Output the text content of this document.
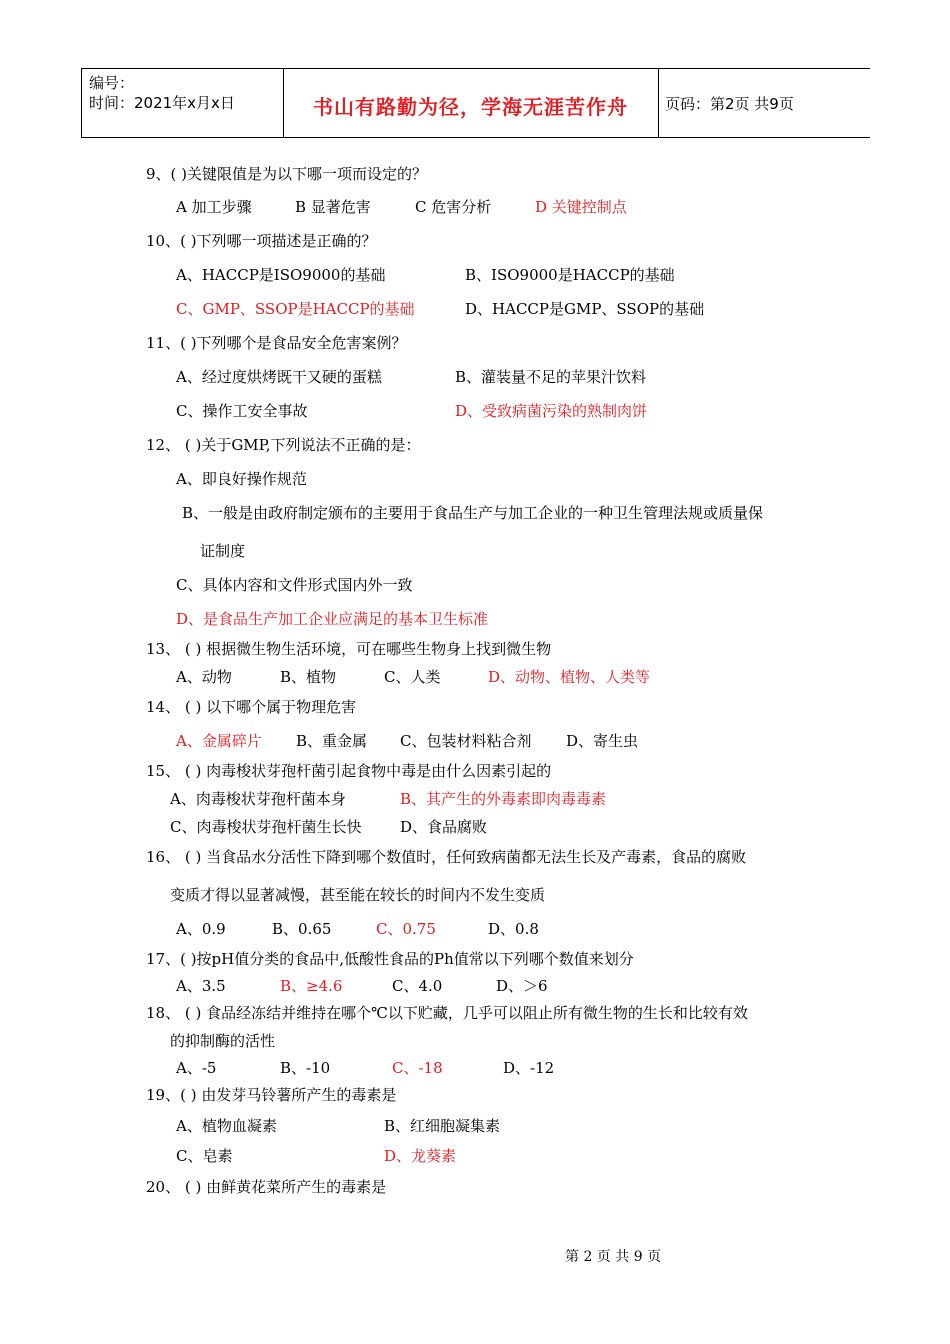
编号：
时间：2021年x月x日	书山有路勤为径，学海无涯苦作舟	页码：第2页 共9页
9、( )关键限值是为以下哪一项而设定的？
A 加工步骤	B 显著危害	C 危害分析	D 关键控制点
10、( )下列哪一项描述是正确的？
A、HACCP是ISO9000的基础	B、ISO9000是HACCP的基础
C、GMP、SSOP是HACCP的基础	D、HACCP是GMP、SSOP的基础
11、( )下列哪个是食品安全危害案例？
A、经过度烘烤既干又硬的蛋糕	B、灌装量不足的苹果汁饮料
C、操作工安全事故	D、受致病菌污染的熟制肉饼
12、 ( )关于GMP,下列说法不正确的是：
A、即良好操作规范
B、一般是由政府制定颁布的主要用于食品生产与加工企业的一种卫生管理法规或质量保
证制度
C、具体内容和文件形式国内外一致
D、是食品生产加工企业应满足的基本卫生标准
13、 ( ) 根据微生物生活环境，可在哪些生物身上找到微生物
A、动物	B、植物	C、人类	D、动物、植物、人类等
14、 ( ) 以下哪个属于物理危害
A、金属碎片 B、重金属 C、包装材料粘合剂 D、寄生虫
15、 ( ) 肉毒梭状芽孢杆菌引起食物中毒是由什么因素引起的
A、肉毒梭状芽孢杆菌本身	B、其产生的外毒素即肉毒毒素
C、肉毒梭状芽孢杆菌生长快	D、食品腐败
16、 ( ) 当食品水分活性下降到哪个数值时，任何致病菌都无法生长及产毒素，食品的腐败
变质才得以显著减慢，甚至能在较长的时间内不发生变质
A、0.9	B、0.65	C、0.75	D、0.8
17、( )按pH值分类的食品中,低酸性食品的Ph值常以下列哪个数值来划分
A、3.5	B、≥4.6	C、4.0	D、＞6
18、 ( ) 食品经冻结并维持在哪个℃以下贮藏，几乎可以阻止所有微生物的生长和比较有效
的抑制酶的活性
A、-5	B、-10	C、-18	D、-12
19、( ) 由发芽马铃薯所产生的毒素是
A、植物血凝素	B、红细胞凝集素
C、皂素	D、龙葵素
20、 ( ) 由鲜黄花菜所产生的毒素是
第 2 页 共 9 页
